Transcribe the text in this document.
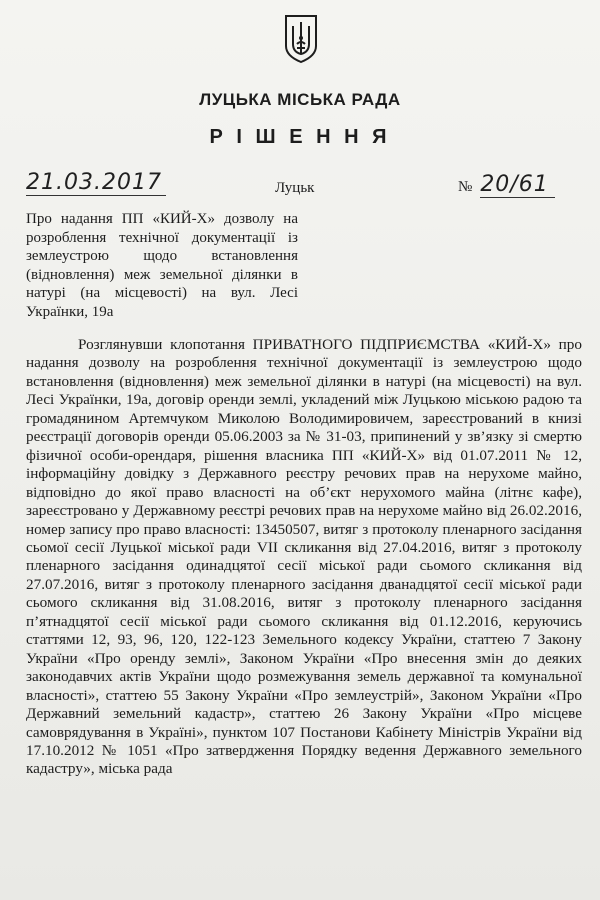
ЛУЦЬКА МІСЬКА РАДА
Р І Ш Е Н Н Я
21.03.2017	Луцьк	№ 20/61

Про надання ПП «КИЙ-Х» дозволу на розроблення технічної документації із землеустрою щодо встановлення (відновлення) меж земельної ділянки в натурі (на місцевості) на вул. Лесі Українки, 19а

Розглянувши клопотання ПРИВАТНОГО ПІДПРИЄМСТВА «КИЙ-Х» про надання дозволу на розроблення технічної документації із землеустрою щодо встановлення (відновлення) меж земельної ділянки в натурі (на місцевості) на вул. Лесі Українки, 19а, договір оренди землі, укладений між Луцькою міською радою та громадянином Артемчуком Миколою Володимировичем, зареєстрований в книзі реєстрації договорів оренди 05.06.2003 за № 31-03, припинений у зв’язку зі смертю фізичної особи-орендаря, рішення власника ПП «КИЙ-Х» від 01.07.2011 № 12, інформаційну довідку з Державного реєстру речових прав на нерухоме майно, відповідно до якої право власності на об’єкт нерухомого майна (літнє кафе), зареєстровано у Державному реєстрі речових прав на нерухоме майно від 26.02.2016, номер запису про право власності: 13450507, витяг з протоколу пленарного засідання сьомої сесії Луцької міської ради VII скликання від 27.04.2016, витяг з протоколу пленарного засідання одинадцятої сесії міської ради сьомого скликання від 27.07.2016, витяг з протоколу пленарного засідання дванадцятої сесії міської ради сьомого скликання від 31.08.2016, витяг з протоколу пленарного засідання п’ятнадцятої сесії міської ради сьомого скликання від 01.12.2016, керуючись статтями 12, 93, 96, 120, 122-123 Земельного кодексу України, статтею 7 Закону України «Про оренду землі», Законом України «Про внесення змін до деяких законодавчих актів України щодо розмежування земель державної та комунальної власності», статтею 55 Закону України «Про землеустрій», Законом України «Про Державний земельний кадастр», статтею 26 Закону України «Про місцеве самоврядування в Україні», пунктом 107 Постанови Кабінету Міністрів України від 17.10.2012 № 1051 «Про затвердження Порядку ведення Державного земельного кадастру», міська рада
